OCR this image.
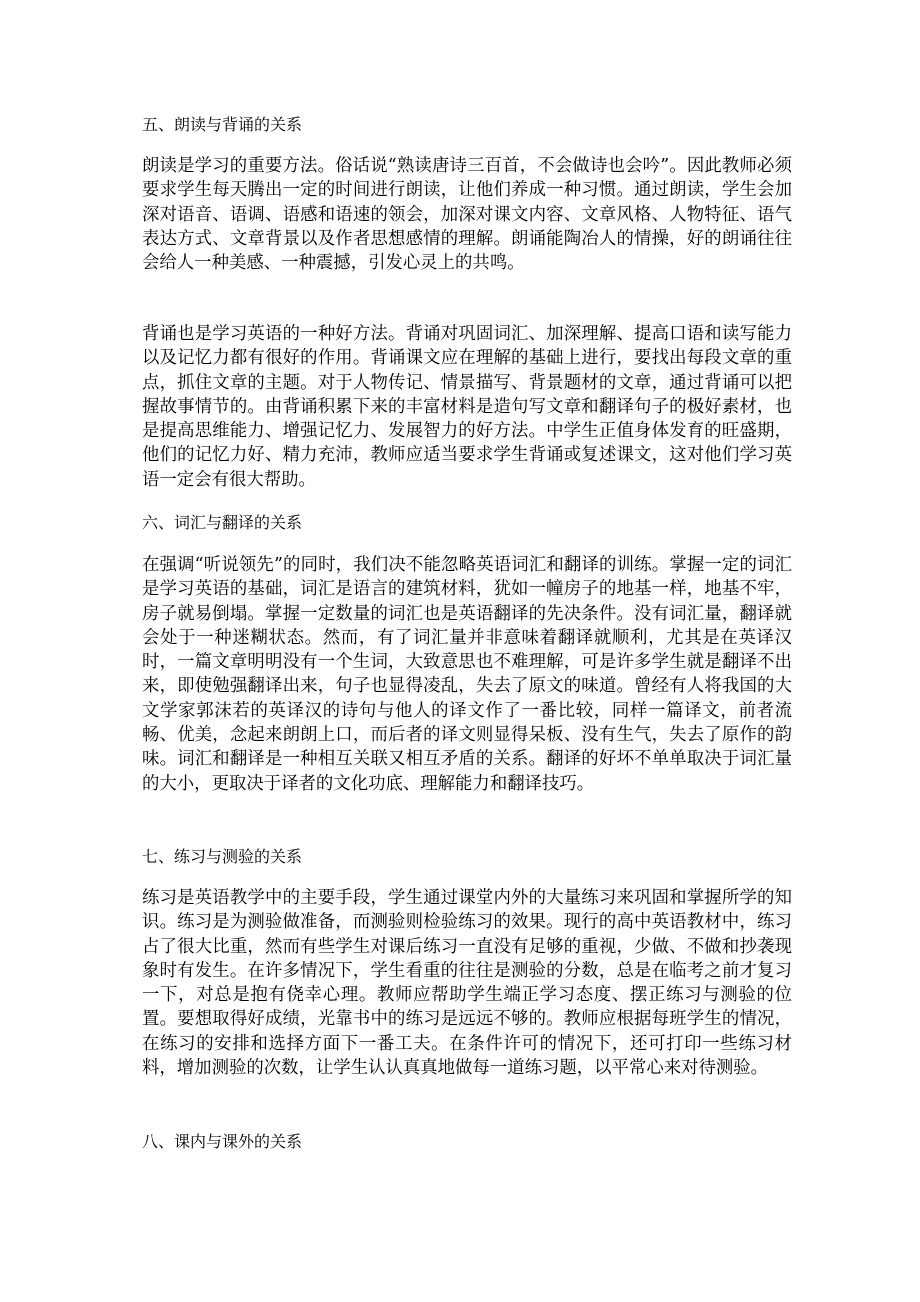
五、朗读与背诵的关系

朗读是学习的重要方法。俗话说“熟读唐诗三百首，不会做诗也会吟”。因此教师必须要求学生每天腾出一定的时间进行朗读，让他们养成一种习惯。通过朗读，学生会加深对语音、语调、语感和语速的领会，加深对课文内容、文章风格、人物特征、语气表达方式、文章背景以及作者思想感情的理解。朗诵能陶冶人的情操，好的朗诵往往会给人一种美感、一种震撼，引发心灵上的共鸣。

背诵也是学习英语的一种好方法。背诵对巩固词汇、加深理解、提高口语和读写能力以及记忆力都有很好的作用。背诵课文应在理解的基础上进行，要找出每段文章的重点，抓住文章的主题。对于人物传记、情景描写、背景题材的文章，通过背诵可以把握故事情节的。由背诵积累下来的丰富材料是造句写文章和翻译句子的极好素材，也是提高思维能力、增强记忆力、发展智力的好方法。中学生正值身体发育的旺盛期，他们的记忆力好、精力充沛，教师应适当要求学生背诵或复述课文，这对他们学习英语一定会有很大帮助。

六、词汇与翻译的关系

在强调“听说领先”的同时，我们决不能忽略英语词汇和翻译的训练。掌握一定的词汇是学习英语的基础，词汇是语言的建筑材料，犹如一幢房子的地基一样，地基不牢，房子就易倒塌。掌握一定数量的词汇也是英语翻译的先决条件。没有词汇量，翻译就会处于一种迷糊状态。然而，有了词汇量并非意味着翻译就顺利，尤其是在英译汉时，一篇文章明明没有一个生词，大致意思也不难理解，可是许多学生就是翻译不出来，即使勉强翻译出来，句子也显得凌乱，失去了原文的味道。曾经有人将我国的大文学家郭沫若的英译汉的诗句与他人的译文作了一番比较，同样一篇译文，前者流畅、优美，念起来朗朗上口，而后者的译文则显得呆板、没有生气，失去了原作的韵味。词汇和翻译是一种相互关联又相互矛盾的关系。翻译的好坏不单单取决于词汇量的大小，更取决于译者的文化功底、理解能力和翻译技巧。

七、练习与测验的关系

练习是英语教学中的主要手段，学生通过课堂内外的大量练习来巩固和掌握所学的知识。练习是为测验做准备，而测验则检验练习的效果。现行的高中英语教材中，练习占了很大比重，然而有些学生对课后练习一直没有足够的重视，少做、不做和抄袭现象时有发生。在许多情况下，学生看重的往往是测验的分数，总是在临考之前才复习一下，对总是抱有侥幸心理。教师应帮助学生端正学习态度、摆正练习与测验的位置。要想取得好成绩，光靠书中的练习是远远不够的。教师应根据每班学生的情况，在练习的安排和选择方面下一番工夫。在条件许可的情况下，还可打印一些练习材料，增加测验的次数，让学生认认真真地做每一道练习题，以平常心来对待测验。

八、课内与课外的关系
